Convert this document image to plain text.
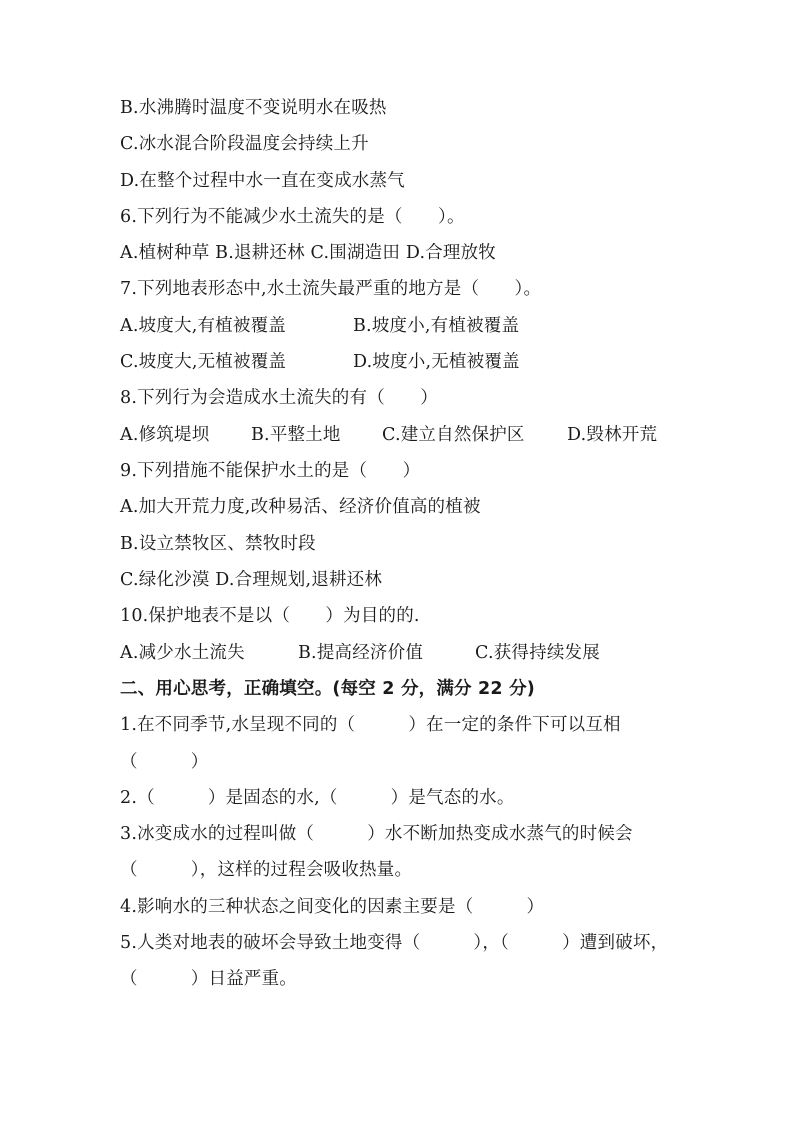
B.水沸腾时温度不变说明水在吸热
C.冰水混合阶段温度会持续上升
D.在整个过程中水一直在变成水蒸气
6.下列行为不能减少水土流失的是（　　）。
A.植树种草 B.退耕还林 C.围湖造田 D.合理放牧
7.下列地表形态中,水土流失最严重的地方是（　　）。
A.坡度大,有植被覆盖	B.坡度小,有植被覆盖
C.坡度大,无植被覆盖	D.坡度小,无植被覆盖
8.下列行为会造成水土流失的有（　　）
A.修筑堤坝 B.平整土地 C.建立自然保护区 D.毁林开荒
9.下列措施不能保护水土的是（　　）
A.加大开荒力度,改种易活、经济价值高的植被
B.设立禁牧区、禁牧时段
C.绿化沙漠 D.合理规划,退耕还林
10.保护地表不是以（　　）为目的的.
A.减少水土流失	B.提高经济价值	C.获得持续发展
二、用心思考，正确填空。(每空 2 分，满分 22 分)
1.在不同季节,水呈现不同的（　　　）在一定的条件下可以互相
（　　　）
2.（　　　）是固态的水,（　　　）是气态的水。
3.冰变成水的过程叫做（　　　）水不断加热变成水蒸气的时候会
（　　　），这样的过程会吸收热量。
4.影响水的三种状态之间变化的因素主要是（　　　）
5.人类对地表的破坏会导致土地变得（　　　），（　　　）遭到破坏，
（　　　）日益严重。
